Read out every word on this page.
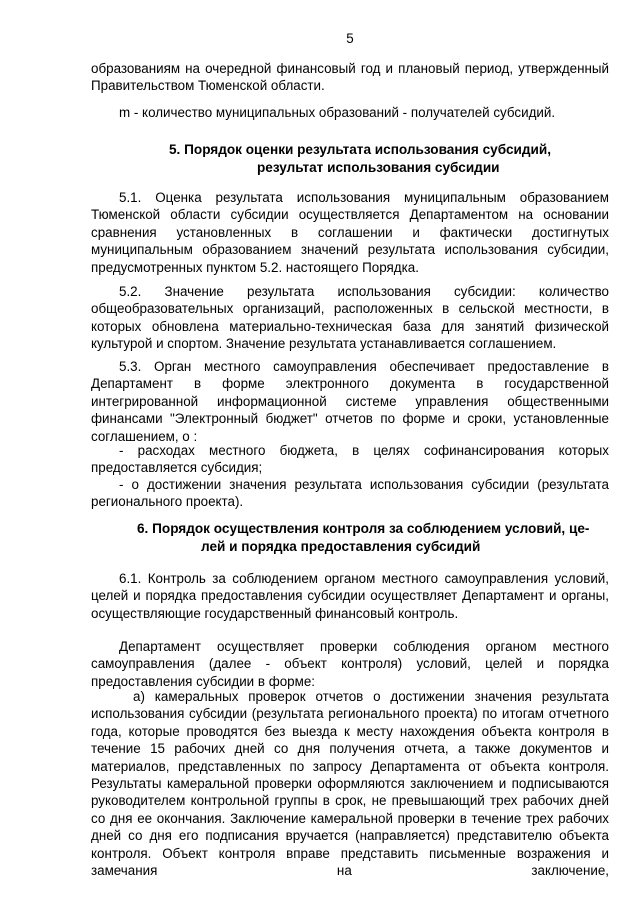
5

образованиям на очередной финансовый год и плановый период, утвержденный Правительством Тюменской области.

m - количество муниципальных образований - получателей субсидий.

5. Порядок оценки результата использования субсидий,
результат использования субсидии

5.1. Оценка результата использования муниципальным образованием Тюменской области субсидии осуществляется Департаментом на основании сравнения установленных в соглашении и фактически достигнутых муниципальным образованием значений результата использования субсидии, предусмотренных пунктом 5.2. настоящего Порядка.

5.2. Значение результата использования субсидии: количество общеобразовательных организаций, расположенных в сельской местности, в которых обновлена материально-техническая база для занятий физической культурой и спортом. Значение результата устанавливается соглашением.

5.3. Орган местного самоуправления обеспечивает предоставление в Департамент в форме электронного документа в государственной интегрированной информационной системе управления общественными финансами "Электронный бюджет" отчетов по форме и сроки, установленные соглашением, о :

- расходах местного бюджета, в целях софинансирования которых предоставляется субсидия;

- о достижении значения результата использования субсидии (результата регионального проекта).

6. Порядок осуществления контроля за соблюдением условий, це-
лей и порядка предоставления субсидий

6.1. Контроль за соблюдением органом местного самоуправления условий, целей и порядка предоставления субсидии осуществляет Департамент и органы, осуществляющие государственный финансовый контроль.

Департамент осуществляет проверки соблюдения органом местного самоуправления (далее - объект контроля) условий, целей и порядка предоставления субсидии в форме:

а) камеральных проверок отчетов о достижении значения результата использования субсидии (результата регионального проекта) по итогам отчетного года, которые проводятся без выезда к месту нахождения объекта контроля в течение 15 рабочих дней со дня получения отчета, а также документов и материалов, представленных по запросу Департамента от объекта контроля. Результаты камеральной проверки оформляются заключением и подписываются руководителем контрольной группы в срок, не превышающий трех рабочих дней со дня ее окончания. Заключение камеральной проверки в течение трех рабочих дней со дня его подписания вручается (направляется) представителю объекта контроля. Объект контроля вправе представить письменные возражения и замечания на заключение,
